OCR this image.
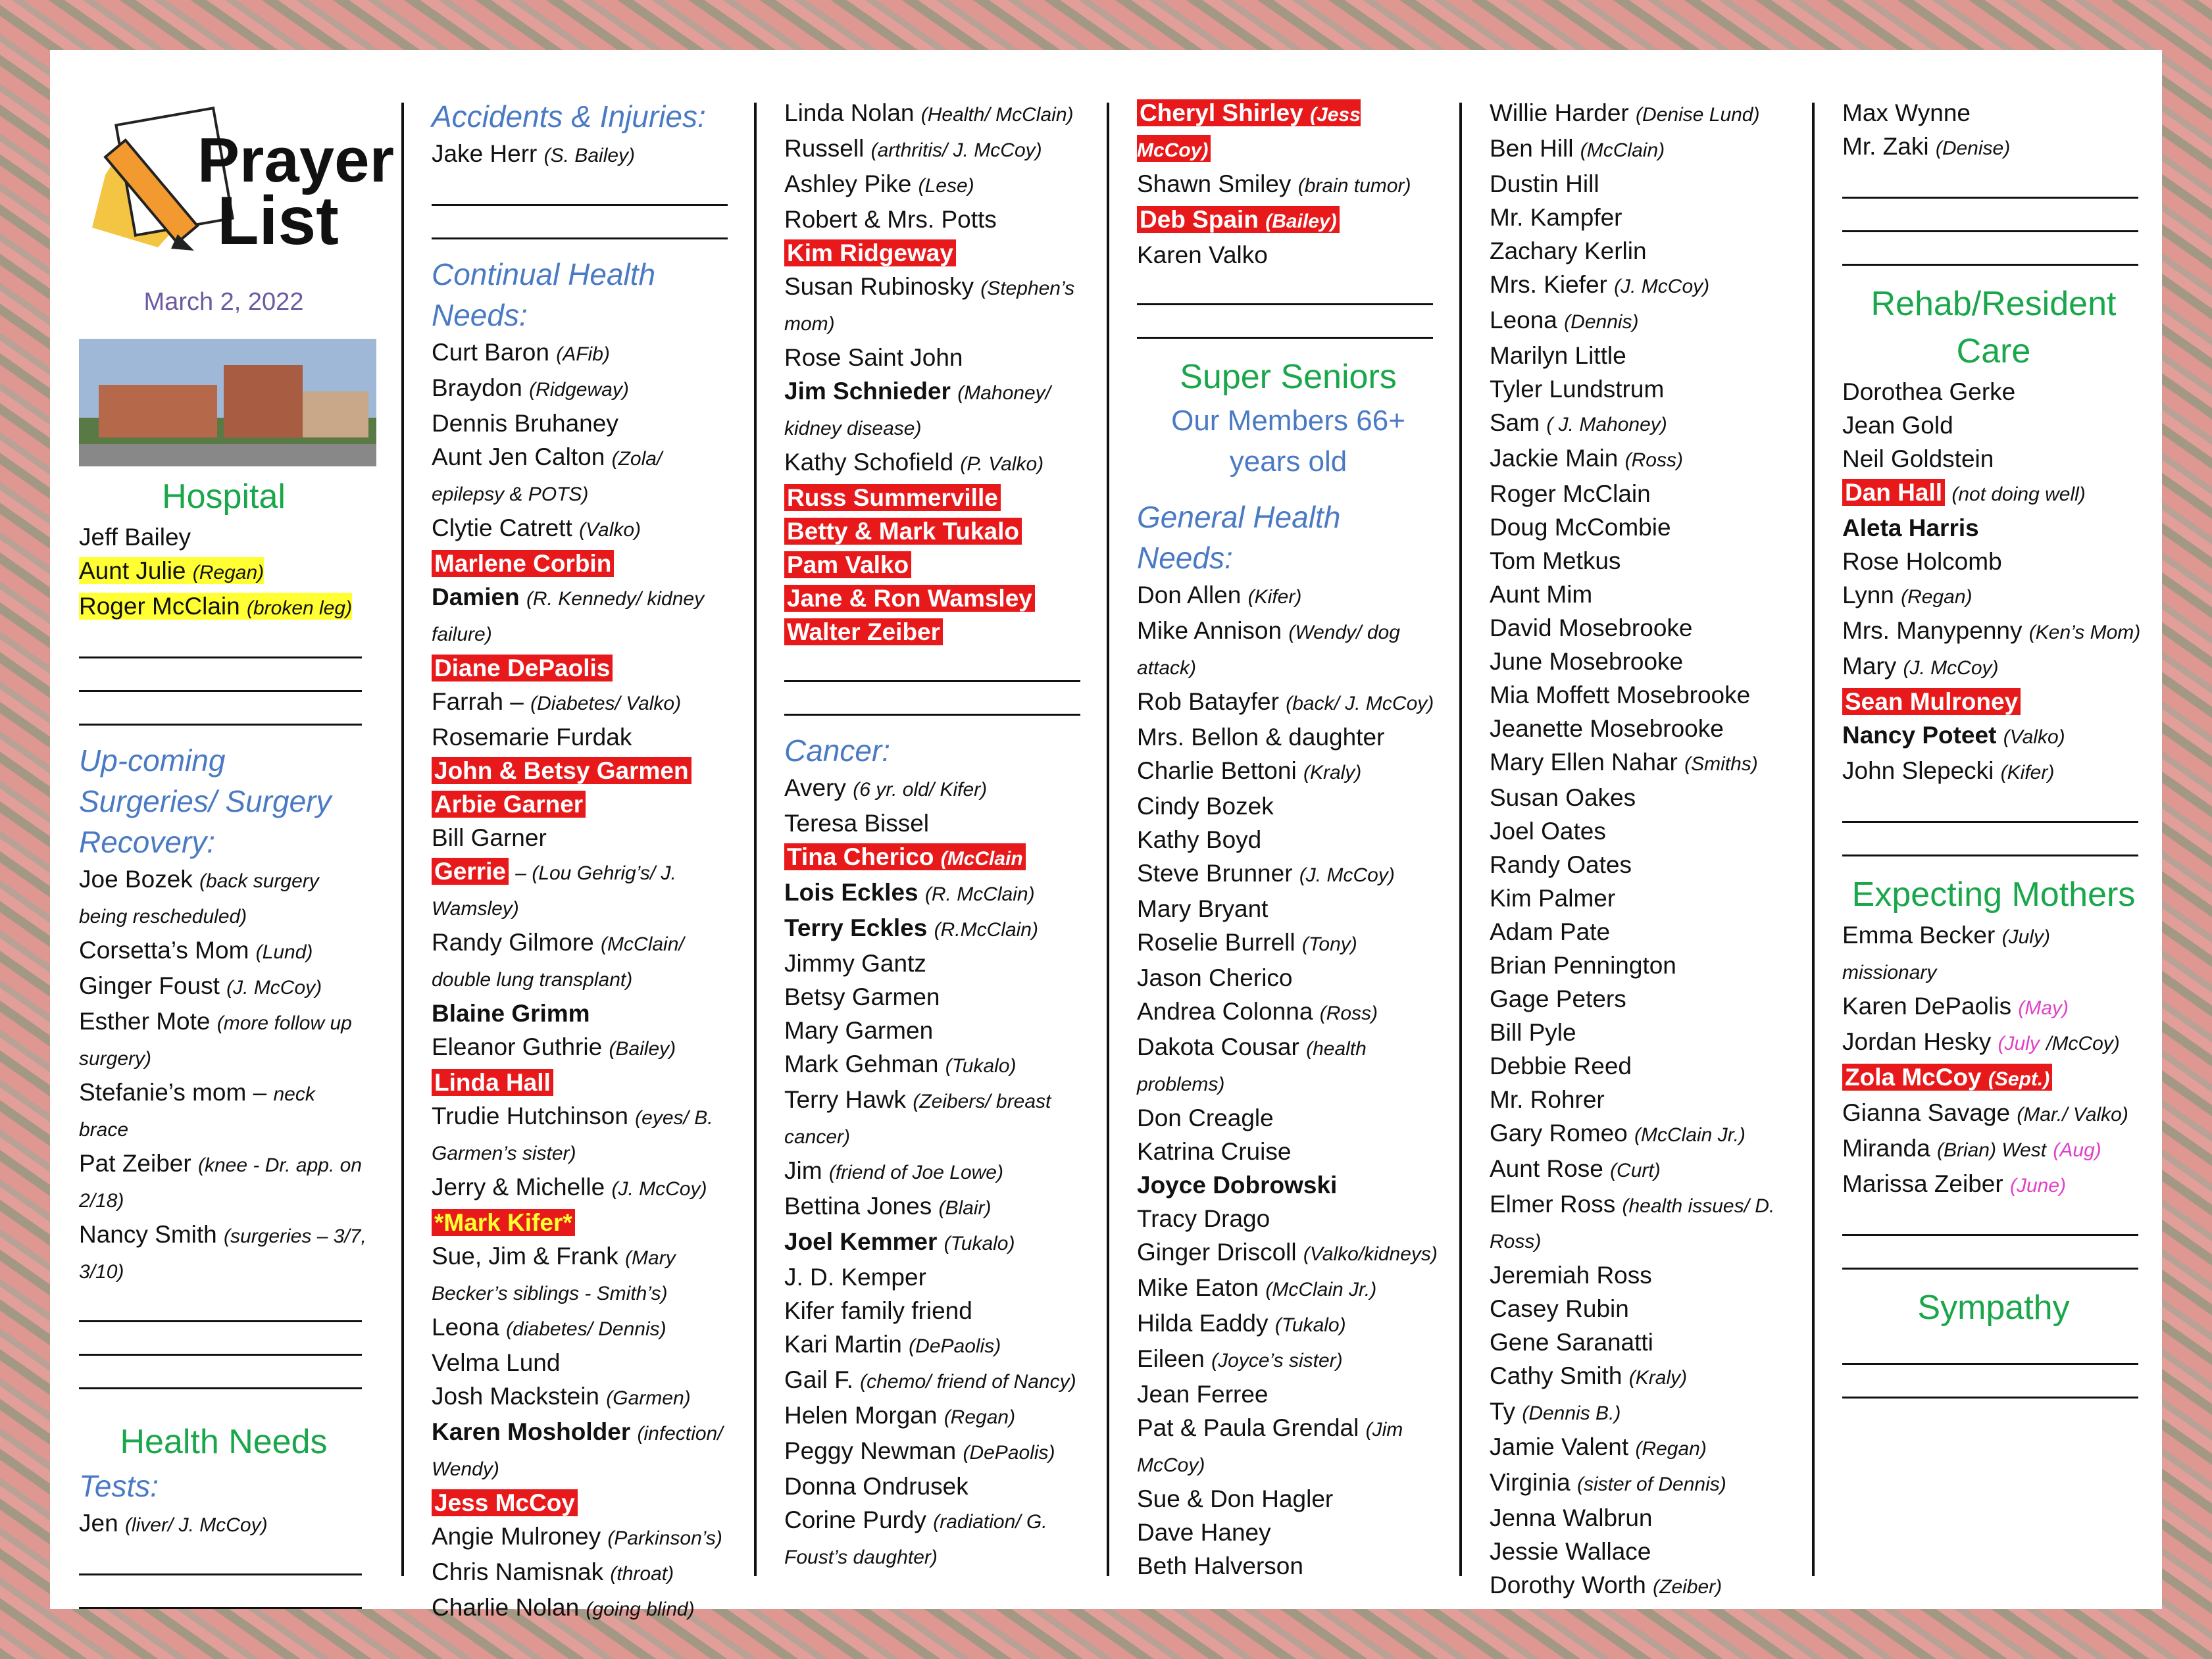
Prayer
List
March 2, 2022
Hospital
Jeff Bailey
Aunt Julie (Regan)
Roger McClain (broken leg)
Up-coming Surgeries/ Surgery Recovery:
Joe Bozek (back surgery being rescheduled)
Corsetta’s Mom (Lund)
Ginger Foust (J. McCoy)
Esther Mote (more follow up surgery)
Stefanie’s mom – neck brace
Pat Zeiber (knee - Dr. app. on 2/18)
Nancy Smith (surgeries – 3/7, 3/10)
Health Needs
Tests:
Jen (liver/ J. McCoy)
Accidents & Injuries:
Jake Herr (S. Bailey)
Continual Health Needs:
Curt Baron (AFib)
Braydon (Ridgeway)
Dennis Bruhaney
Aunt Jen Calton (Zola/ epilepsy & POTS)
Clytie Catrett (Valko)
Marlene Corbin
Damien (R. Kennedy/ kidney failure)
Diane DePaolis
Farrah – (Diabetes/ Valko)
Rosemarie Furdak
John & Betsy Garmen
Arbie Garner
Bill Garner
Gerrie – (Lou Gehrig’s/ J. Wamsley)
Randy Gilmore (McClain/ double lung transplant)
Blaine Grimm
Eleanor Guthrie (Bailey)
Linda Hall
Trudie Hutchinson (eyes/ B. Garmen’s sister)
Jerry & Michelle (J. McCoy)
*Mark Kifer*
Sue, Jim & Frank (Mary Becker’s siblings - Smith’s)
Leona (diabetes/ Dennis)
Velma Lund
Josh Mackstein (Garmen)
Karen Mosholder (infection/ Wendy)
Jess McCoy
Angie Mulroney (Parkinson’s)
Chris Namisnak (throat)
Charlie Nolan (going blind)
Linda Nolan (Health/ McClain)
Russell (arthritis/ J. McCoy)
Ashley Pike (Lese)
Robert & Mrs. Potts
Kim Ridgeway
Susan Rubinosky (Stephen’s mom)
Rose Saint John
Jim Schnieder (Mahoney/ kidney disease)
Kathy Schofield (P. Valko)
Russ Summerville
Betty & Mark Tukalo
Pam Valko
Jane & Ron Wamsley
Walter Zeiber
Cancer:
Avery (6 yr. old/ Kifer)
Teresa Bissel
Tina Cherico (McClain
Lois Eckles (R. McClain)
Terry Eckles (R.McClain)
Jimmy Gantz
Betsy Garmen
Mary Garmen
Mark Gehman (Tukalo)
Terry Hawk (Zeibers/ breast cancer)
Jim (friend of Joe Lowe)
Bettina Jones (Blair)
Joel Kemmer (Tukalo)
J. D. Kemper
Kifer family friend
Kari Martin (DePaolis)
Gail F. (chemo/ friend of Nancy)
Helen Morgan (Regan)
Peggy Newman (DePaolis)
Donna Ondrusek
Corine Purdy (radiation/ G. Foust’s daughter)
Cheryl Shirley (Jess McCoy)
Shawn Smiley (brain tumor)
Deb Spain (Bailey)
Karen Valko
Super Seniors
Our Members 66+ years old
General Health Needs:
Don Allen (Kifer)
Mike Annison (Wendy/ dog attack)
Rob Batayfer (back/ J. McCoy)
Mrs. Bellon & daughter
Charlie Bettoni (Kraly)
Cindy Bozek
Kathy Boyd
Steve Brunner (J. McCoy)
Mary Bryant
Roselie Burrell (Tony)
Jason Cherico
Andrea Colonna (Ross)
Dakota Cousar (health problems)
Don Creagle
Katrina Cruise
Joyce Dobrowski
Tracy Drago
Ginger Driscoll (Valko/kidneys)
Mike Eaton (McClain Jr.)
Hilda Eaddy (Tukalo)
Eileen (Joyce’s sister)
Jean Ferree
Pat & Paula Grendal (Jim McCoy)
Sue & Don Hagler
Dave Haney
Beth Halverson
Willie Harder (Denise Lund)
Ben Hill (McClain)
Dustin Hill
Mr. Kampfer
Zachary Kerlin
Mrs. Kiefer (J. McCoy)
Leona (Dennis)
Marilyn Little
Tyler Lundstrum
Sam ( J. Mahoney)
Jackie Main (Ross)
Roger McClain
Doug McCombie
Tom Metkus
Aunt Mim
David Mosebrooke
June Mosebrooke
Mia Moffett Mosebrooke
Jeanette Mosebrooke
Mary Ellen Nahar (Smiths)
Susan Oakes
Joel Oates
Randy Oates
Kim Palmer
Adam Pate
Brian Pennington
Gage Peters
Bill Pyle
Debbie Reed
Mr. Rohrer
Gary Romeo (McClain Jr.)
Aunt Rose (Curt)
Elmer Ross (health issues/ D. Ross)
Jeremiah Ross
Casey Rubin
Gene Saranatti
Cathy Smith (Kraly)
Ty (Dennis B.)
Jamie Valent (Regan)
Virginia (sister of Dennis)
Jenna Walbrun
Jessie Wallace
Dorothy Worth (Zeiber)
Max Wynne
Mr. Zaki (Denise)
Rehab/Resident Care
Dorothea Gerke
Jean Gold
Neil Goldstein
Dan Hall (not doing well)
Aleta Harris
Rose Holcomb
Lynn (Regan)
Mrs. Manypenny (Ken’s Mom)
Mary (J. McCoy)
Sean Mulroney
Nancy Poteet (Valko)
John Slepecki (Kifer)
Expecting Mothers
Emma Becker (July) missionary
Karen DePaolis (May)
Jordan Hesky (July /McCoy)
Zola McCoy (Sept.)
Gianna Savage (Mar./ Valko)
Miranda (Brian) West (Aug)
Marissa Zeiber (June)
Sympathy
